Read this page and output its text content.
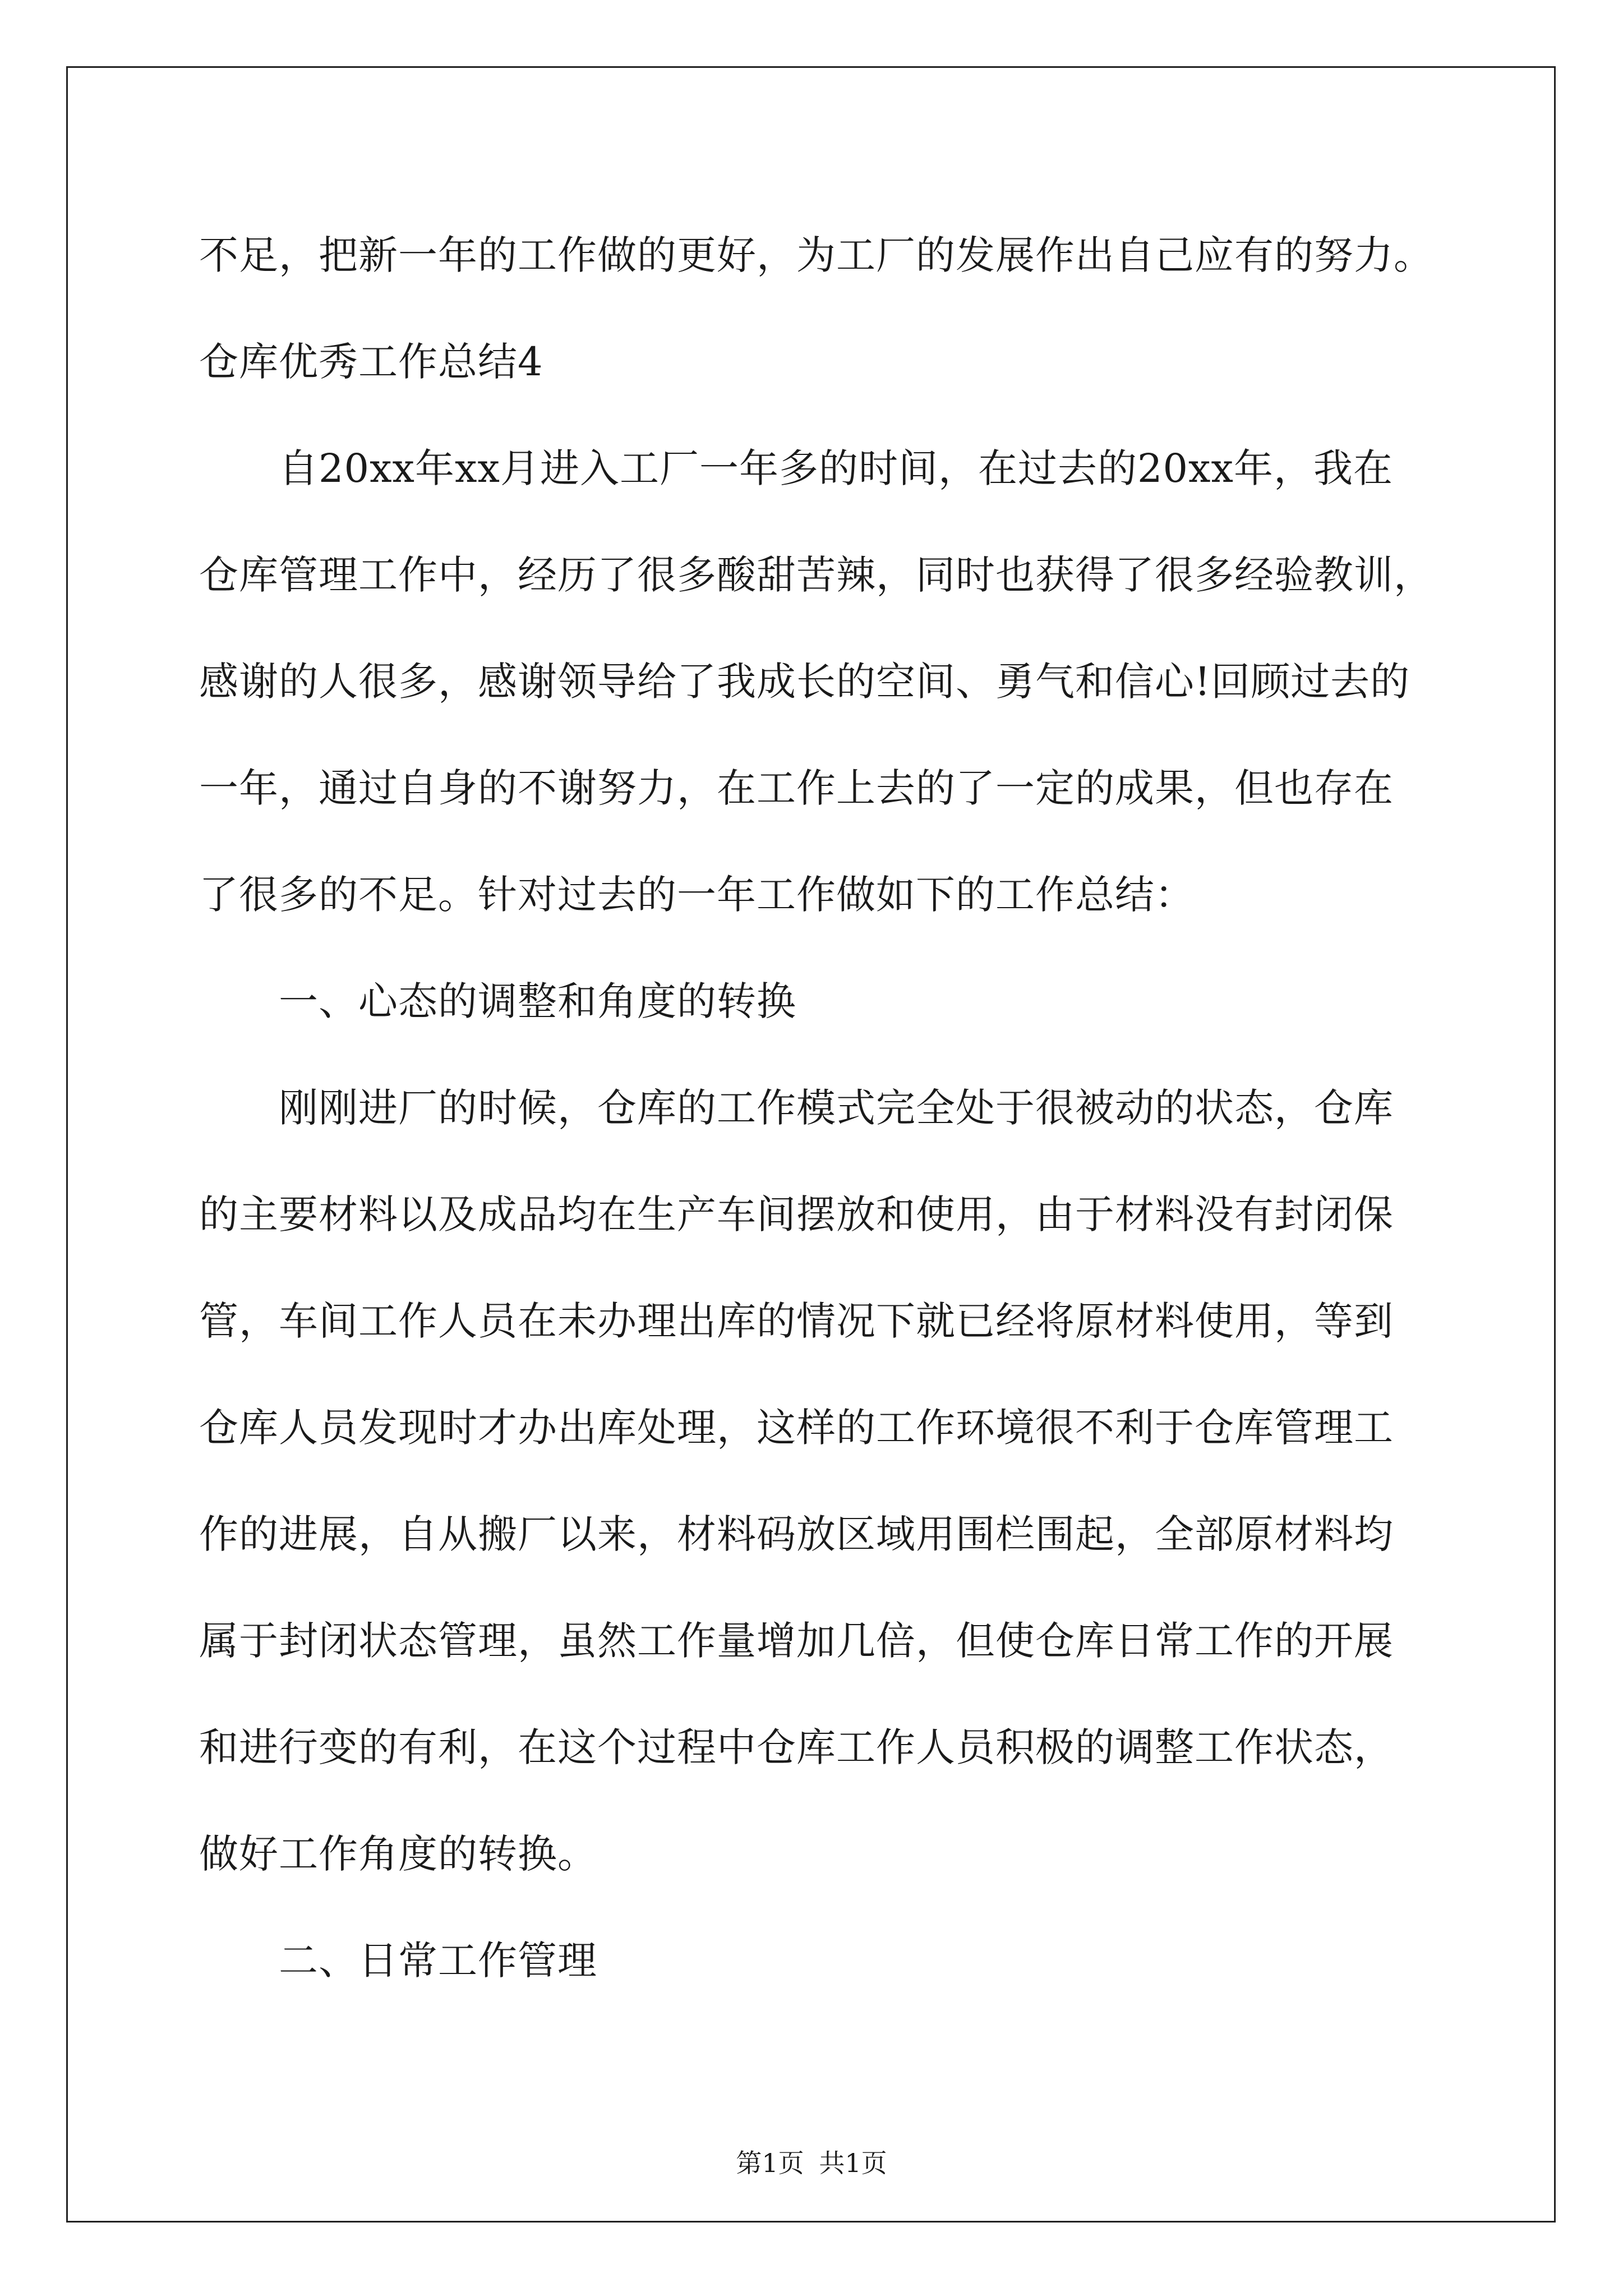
不足，把新一年的工作做的更好，为工厂的发展作出自己应有的努力。
仓库优秀工作总结4
　　自20xx年xx月进入工厂一年多的时间，在过去的20xx年，我在
仓库管理工作中，经历了很多酸甜苦辣，同时也获得了很多经验教训，
感谢的人很多，感谢领导给了我成长的空间、勇气和信心!回顾过去的
一年，通过自身的不谢努力，在工作上去的了一定的成果，但也存在
了很多的不足。针对过去的一年工作做如下的工作总结：
　　一、心态的调整和角度的转换
　　刚刚进厂的时候，仓库的工作模式完全处于很被动的状态，仓库
的主要材料以及成品均在生产车间摆放和使用，由于材料没有封闭保
管，车间工作人员在未办理出库的情况下就已经将原材料使用，等到
仓库人员发现时才办出库处理，这样的工作环境很不利于仓库管理工
作的进展，自从搬厂以来，材料码放区域用围栏围起，全部原材料均
属于封闭状态管理，虽然工作量增加几倍，但使仓库日常工作的开展
和进行变的有利，在这个过程中仓库工作人员积极的调整工作状态，
做好工作角度的转换。
　　二、日常工作管理
第1页 共1页
